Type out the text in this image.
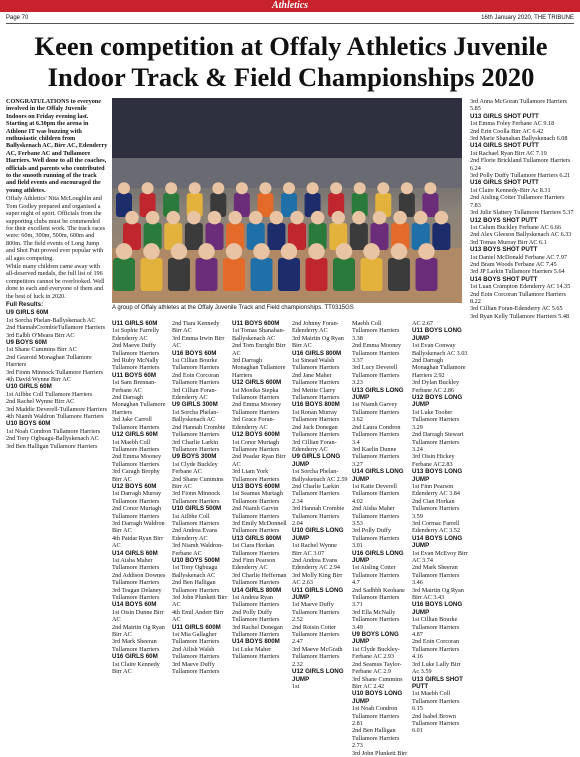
Athletics
Page 70	16th January 2020, THE TRIBUNE
Keen competition at Offaly Athletics Juvenile Indoor Track & Field Championships 2020

CONGRATULATIONS to everyone involved in the Offaly Juvenile Indoors on Friday evening last. Starting at 6.30pm the arena in Athlone IT was buzzing with enthusiastic children from Ballyskenach AC, Birr AC, Edenderry AC, Ferbane AC and Tullamore Harriers. Well done to all the coaches, officials and parents who contributed to the smooth running of the track and field events and encouraged the young athletes.

Offaly Athletics' Nita McLoughlin and Tom Godley prepared and organised a super night of sport. Officials from the supporting clubs must be commended for their excellent work. The track races were: 60m, 300m, 500m, 600m and 800m. The field events of Long Jump and Shot Putt proved ever popular with all ages competing.

While many children came away with all-deserved medals, the full list of 196 competitors cannot be overlooked. Well done to each and everyone of them and the best of luck in 2020.

Full Results:

U9 GIRLS 60M
1st Sorcha Phelan-Ballyskenach AC
2nd HannahCrombieTullamore Harriers
3rd Ealbh O'Meara Birr AC
U9 BOYS 60M
1st Shane Cummins Birr AC
2nd Gearoid Monaghan Tullamore Harriers
3rd Fionn Minnock Tullamore Harriers
4th David Wynne Birr AC
U10 GIRLS 60M
1st Ailbhe Coll Tullamore Harriers
2nd Rachel Wynne Birr AC
3rd Maddie Deverell-Tullamore Harriers
4th Niamh Waldron Tullamore Harriers
U10 BOYS 60M
1st Noah Condron Tullamore Harriers
2nd Tony Ogbuagu-Ballyskenach AC
3rd Ben Halligan Tullamore Harriers
A group of Offaly athletes at the Offaly Juvenile Track and Field championships. TT0315GS
U11 GIRLS 60M
1st Sophie Farrelly Edenderry AC
2nd Maeve Duffy Tullamore Harriers
3rd Ruby McNally Tullamore Harriers
U11 BOYS 60M
1st Sam Brennan-Ferbane AC
2nd Darragh Monaghan Tullamore Harriers
3rd Jake Carroll Tullamore Harriers
U12 GIRLS 60M
1st Maebh Coll Tullamore Harriers
2nd Emma Mooney Tullamore Harriers
3rd Caragh Brophy Birr AC
U12 BOYS 60M
1st Darragh Murray Tullamore Harriers
2nd Conor Murtagh Tullamore Harriers
3rd Darragh Waldron Birr AC
4th Paidar Ryan Birr AC
U14 GIRLS 60M
1st Aisha Maher Tullamore Harriers
2nd Addison Downes Tullamore Harriers
3rd Teagan Delaney Tullamore Harriers
U14 BOYS 60M
1st Oisin Dunne Birr AC
2nd Mairtin Og Ryan Birr AC
3rd Mark Sheeran Tullamore Harriers
U16 GIRLS 60M
1st Claire Kennedy Birr AC
2nd Tiara Kennedy Birr AC
3rd Emma Irwin Birr AC
U16 BOYS 60M
1st Cillian Bourke Tullamore Harriers
2nd Eoin Corcoran Tullamore Harriers
3rd Cillian Foran-Edenderry AC
U9 GIRLS 300M
1st Sorcha Phelan-Ballyskenach AC
2nd Hannah Crombie Tullamore Harriers
3rd Charlie Larkin Tullamore Harriers
U9 BOYS 300M
1st Clyde Buckley Ferbane AC
2nd Shane Cummins Birr AC
3rd Fionn Minnock Tullamore Harriers
U10 GIRLS 500M
1st Ailbhe Coll Tullamore Harriers
2nd Andrea Evans Edenderry AC
3rd Niamh Waldron-Ferbane AC
U10 BOYS 500M
1st Tony Ogbuagu Ballyskenach AC
2nd Ben Halligan Tullamore Harriers
3rd John Plunkett Birr AC
4th Emil Anderr Birr AC
U11 GIRLS 600M
1st Mia Gallagher Tullamore Harriers
2nd Ailish Walsh Tullamore Harriers
3rd Maeve Duffy Tullamore Harriers
U11 BOYS 600M
1st Tomas Shanahan-Ballyskenach AC
2nd Tom Enright Birr AC
3rd Darragh Monaghan Tullamore Harriers
U12 GIRLS 600M
1st Monika Stepka Tullamore Harriers
2nd Emma Mooney Tullamore Harriers
3rd Grace Foran-Edenderry AC
U12 BOYS 600M
1st Conor Murtagh Tullamore Harriers
2nd Peadar Ryan Birr AC
3rd Liam York Tullamore Harriers
U13 BOYS 600M
1st Seamus Murtagh Tullamore Harriers
2nd Niamh Garvin Tullamore Harriers
3rd Emily McDonnell Tullamore Harriers
U13 GIRLS 800M
1st Ciara Horkan Tullamore Harriers
2nd Finn Pearson Edenderry AC
3rd Charlie Heffernan Tullamore Harriers
U14 GIRLS 800M
1st Andrea Ryan Tullamore Harriers
2nd Polly Duffy Tullamore Harriers
3rd Rachel Donegan Tullamore Harriers
U14 BOYS 800M
1st Luke Maher Tullamore Harriers
2nd Johnny Foran-Edenderry AC
3rd Mairtin Og Ryan Birr AC
U16 GIRLS 800M
1st Sinead Walsh Tullamore Harriers
2nd Jane Maher Tullamore Harriers
3rd Mettie Clarry Tullamore Harriers
U16 BOYS 800M
1st Ronan Murray Tullamore Harriers
2nd Jack Donegan Tullamore Harriers
3rd Cillian Foran-Edenderry AC
U9 GIRLS LONG JUMP
1st Sorcha Phelan-Ballyskenach AC 2.59
2nd Charlie Larkin Tullamore Harriers 2.34
3rd Hannah Crombie Tullamore Harriers 2.04
U10 GIRLS LONG JUMP
1st Rachel Wynne Birr AC 3.07
2nd Andrea Evans Edenderry AC 2.94
3rd Molly King Birr AC 2.63
U11 GIRLS LONG JUMP
1st Maeve Duffy Tullamore Harriers 2.52
2nd Roisin Cotter Tullamore Harriers 2.47
3rd Maeve McGrath Tullamore Harriers 2.32
U12 GIRLS LONG JUMP
1st
Maebh Coll Tullamore Harriers 3.38
2nd Emma Mooney Tullamore Harriers 3.37
3rd Lucy Deverell Tullamore Harriers 3.23
U13 GIRLS LONG JUMP
1st Niamh Garvey Tullamore Harriers 3.62
2nd Laura Condron Tullamore Harriers 3.4
3rd Kaelin Dunne Tullamore Harriers 3.27
U14 GIRLS LONG JUMP
1st Katie Deverell Tullamore Harriers 4.02
2nd Aisha Maher Tullamore Harriers 3.53
3rd Polly Duffy Tullamore Harriers 3.01
U16 GIRLS LONG JUMP
1st Aisling Cotter Tullamore Harriers 4.7
2nd Sadhbh Keohane Tullamore Harriers 3.71
3rd Ella McNally Tullamore Harriers 3.49
U9 BOYS LONG JUMP
1st Clyde Buckley-Ferbane AC 2.93
2nd Seamus Taylor-Ferbane AC 2.9
3rd Shane Cummins Birr AC 2.42
U10 BOYS LONG JUMP
1st Noah Condron Tullamore Harriers 2.81
2nd Ben Halligan Tullamore Harriers 2.73
3rd John Plunkett Birr
AC 2.67
U11 BOYS LONG JUMP
1st Evan Conway Ballyskenach AC 3.03
2nd Darragh Monaghan Tullamore Harriers 2.92
3rd Dylan Buckley Ferbane AC 2.86
U12 BOYS LONG JUMP
1st Luke Tooher Tullamore Harriers 3.29
2nd Darragh Stewart Tullamore Harriers 3.24
3rd Oisin Hickey Ferbane AC2.83
U13 BOYS LONG JUMP
1st Finn Pearson Edenderry AC 3.84
2nd Cian Horkan Tullamore Harriers 3.59
3rd Cormac Farrell Edenderry AC 3.52
U14 BOYS LONG JUMP
1st Evan McEvoy Birr AC 3.74
2nd Mark Sheeran Tullamore Harriers 3.46
3rd Mairtin Og Ryan Birr AC 3.43
U16 BOYS LONG JUMP
1st Cillian Bourke Tullamore Harriers 4.87
2nd Eoin Corcoran Tullamore Harriers 4.16
3rd Luke Lally Birr Ac 3.59
U13 GIRLS SHOT PUTT
1st Maebh Coll Tullamore Harriers 6.15
2nd Isabel Brown Tullamore Harriers 6.01
3rd Anna McGoran Tullamore Harriers 5.85
U13 GIRLS SHOT PUTT
1st Emma Foley Ferbane AC 9.18
2nd Erin Coolla Birr AC 6.42
3rd Marie Shanahan Ballyskenach 6.08
U14 GIRLS SHOT PUTT
1st Rachael Ryan Birr AC 7.19
2nd Florie Brickland Tullamore Harriers 6.24
3rd Polly Duffy Tullamore Harriers 6.21
U16 GIRLS SHOT PUTT
1st Claire Kennedy-Birr Ac 8.31
2nd Aisling Cotter Tullamore Harriers 7.83
3rd Julie Slattery Tullamore Harriers 5.37
U12 BOYS SHOT PUTT
1st Calum Buckley Ferbane AC 6.66
2nd Alex Gleeson Ballyskenach AC 6.33
3rd Tomas Murray Birr AC 6.1
U13 BOYS SHOT PUTT
1st Daniel McDonald Ferbane AC 7.97
2nd Bram Woods Ferbane AC 7.45
3rd JP Larkin Tullamore Harriers 5.64
U14 BOYS SHOT PUTT
1st Luan Crampton Edenderry AC 14.35
2nd Eoin Corcoran Tullamore Harriers 8.22
3rd Cillian Foran-Edenderry AC 5.65
3rd Ryan Kelly Tullamore Harriers 5.48
